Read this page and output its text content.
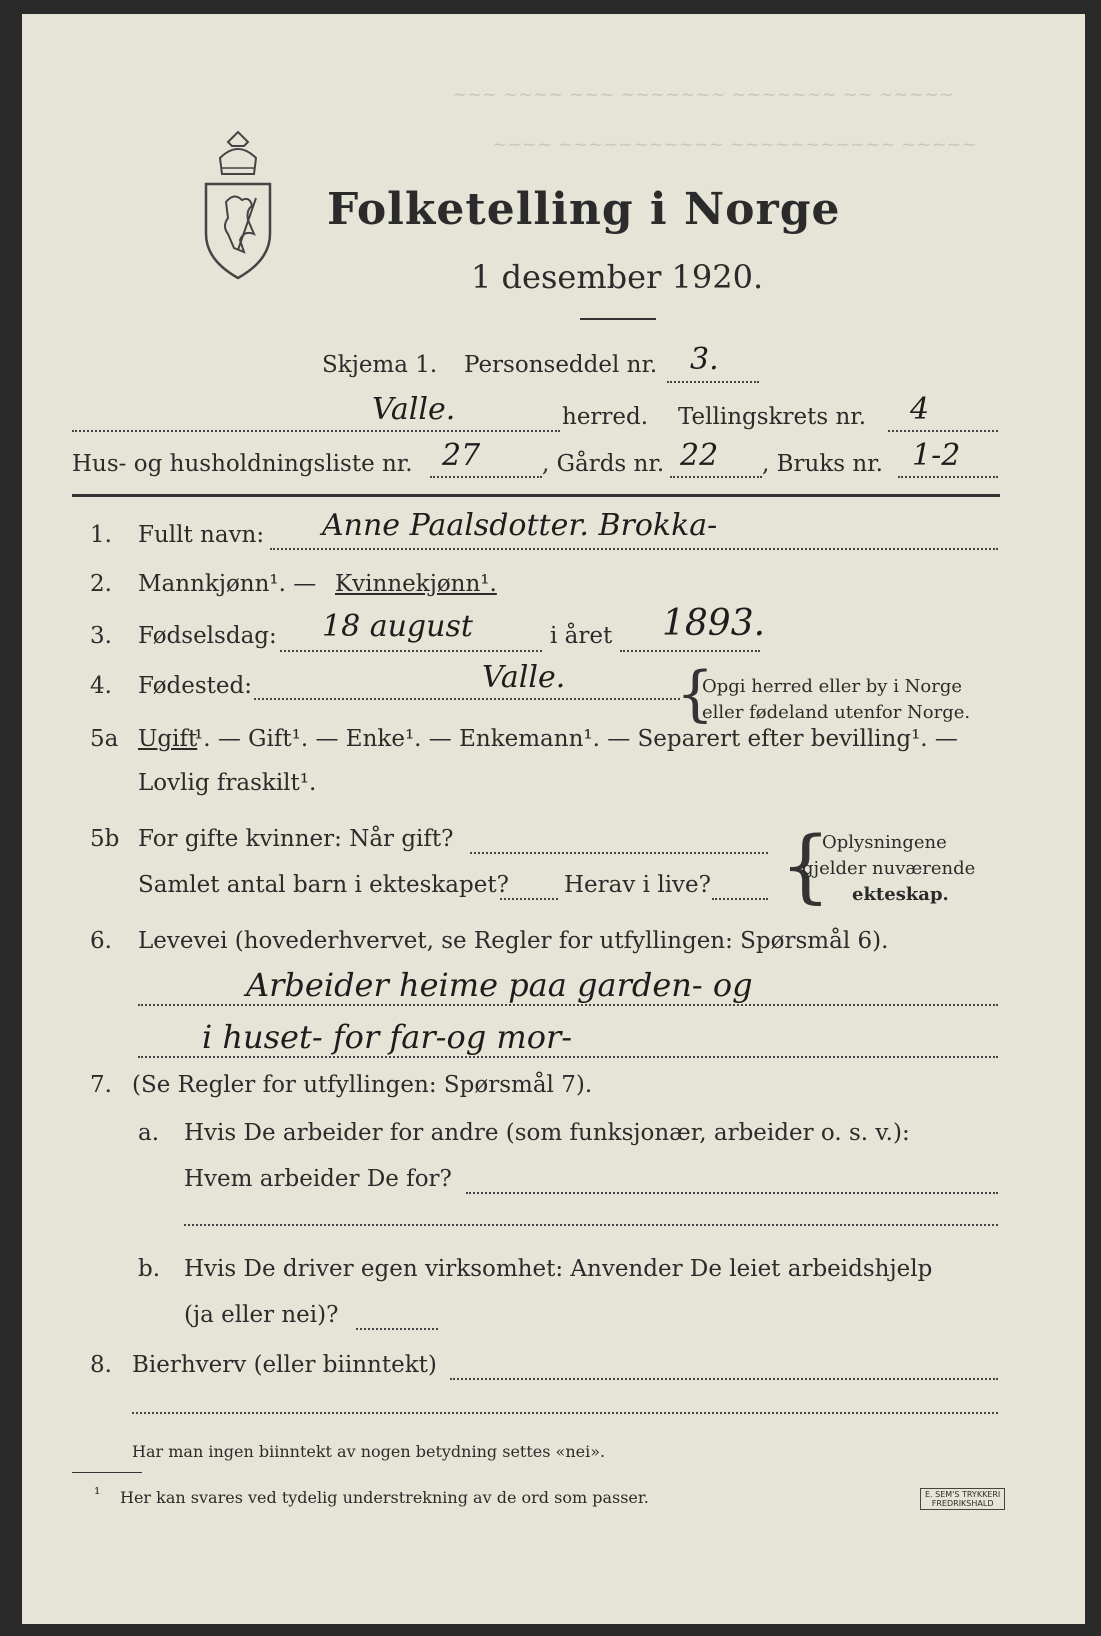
~~~ ~~~~ ~~~ ~~~~~~~ ~~~~~~~ ~~ ~~~~~
~~~~ ~~~~~~~~~~~ ~~~~~~~~~~~ ~~~~~
Folketelling i Norge
1 desember 1920.
Skjema 1. Personseddel nr. 3.
Valle.	herred. Tellingskrets nr. 4
Hus- og husholdningsliste nr. 27	, Gårds nr. 22 , Bruks nr. 1-2
1. Fullt navn: Anne Paalsdotter. Brokka-
2. Mannkjønn¹. — Kvinnekjønn¹.
3. Fødselsdag: 18 august	i året 1893.
4. Fødested:	Valle. {
Opgi herred eller by i Norge
eller fødeland utenfor Norge.
5a Ugift
¹. — Gift¹. — Enke¹. — Enkemann¹. — Separert efter bevilling¹. —
Lovlig fraskilt¹.
5b For gifte kvinner: Når gift?
Samlet antal barn i ekteskapet? Herav i live? {
Oplysningene
gjelder nuværende
ekteskap.
6. Levevei (hovederhvervet, se Regler for utfyllingen: Spørsmål 6).
Arbeider heime paa garden- og
i huset- for far-og mor-
7. (Se Regler for utfyllingen: Spørsmål 7).
a. Hvis De arbeider for andre (som funksjonær, arbeider o. s. v.):
Hvem arbeider De for?
b. Hvis De driver egen virksomhet: Anvender De leiet arbeidshjelp
(ja eller nei)?
8. Bierhverv (eller biinntekt)
Har man ingen biinntekt av nogen betydning settes «nei».
¹ Her kan svares ved tydelig understrekning av de ord som passer.	E. SEM'S TRYKKERI
FREDRIKSHALD
